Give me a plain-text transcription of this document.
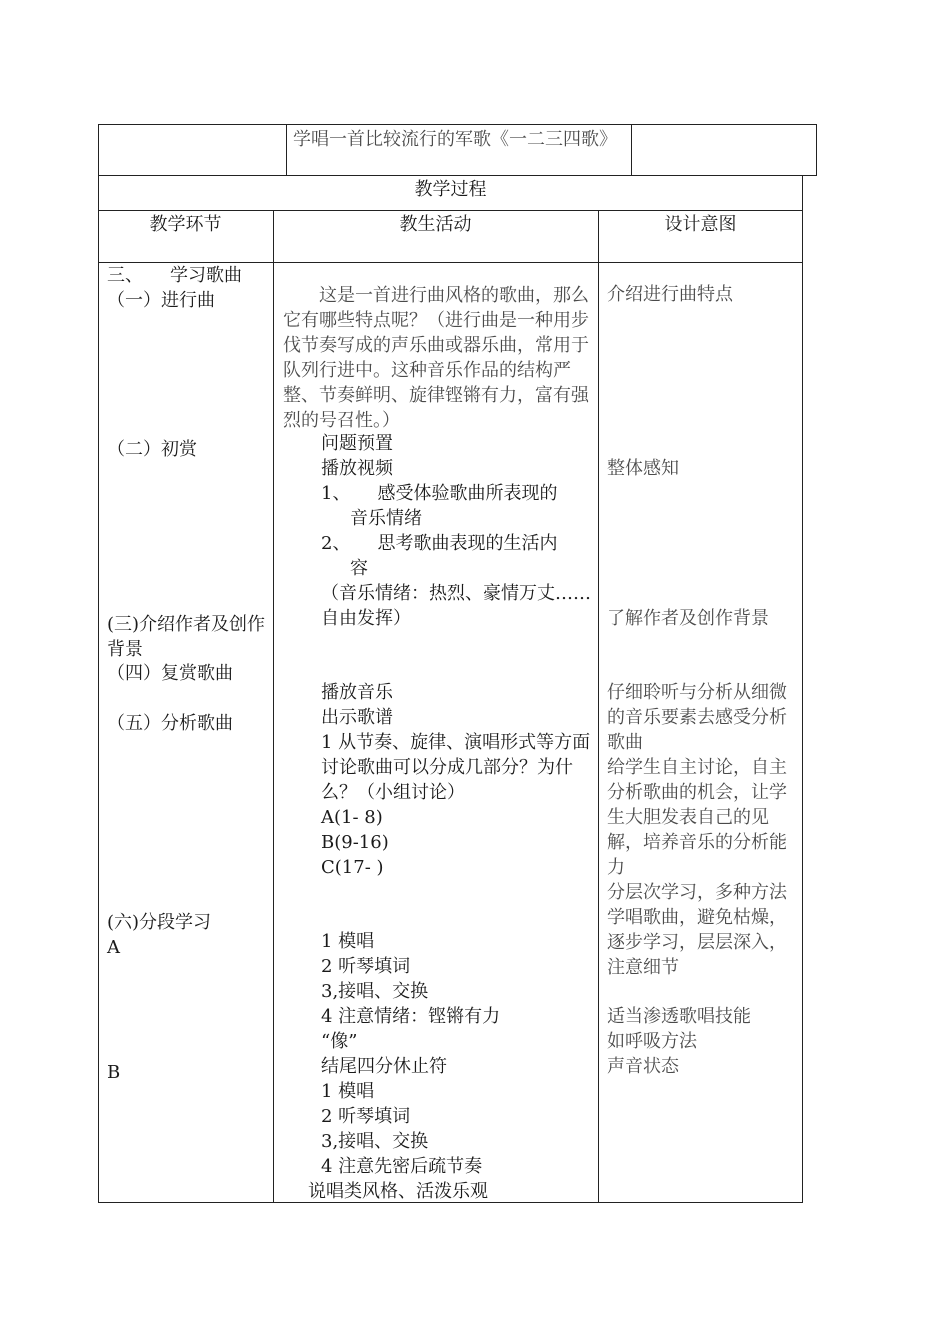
学唱一首比较流行的军歌《一二三四歌》
教学过程
教学环节	教生活动	设计意图
三、　　学习歌曲
（一）进行曲
（二）初赏
(三)介绍作者及创作背景
（四）复赏歌曲
（五）分析歌曲
(六)分段学习
A
B
这是一首进行曲风格的歌曲，那么它有哪些特点呢？（进行曲是一种用步伐节奏写成的声乐曲或器乐曲，常用于队列行进中。这种音乐作品的结构严整、节奏鲜明、旋律铿锵有力，富有强烈的号召性。）
问题预置
播放视频
1、　　感受体验歌曲所表现的
音乐情绪
2、　　思考歌曲表现的生活内
容
（音乐情绪：热烈、豪情万丈……
自由发挥）
播放音乐
出示歌谱
1 从节奏、旋律、演唱形式等方面讨论歌曲可以分成几部分？为什么？（小组讨论）
A(1- 8)
B(9-16)
C(17- )
1 模唱
2 听琴填词
3,接唱、交换
4 注意情绪：铿锵有力
“像”
结尾四分休止符
1 模唱
2 听琴填词
3,接唱、交换
4 注意先密后疏节奏
说唱类风格、活泼乐观
介绍进行曲特点
整体感知
了解作者及创作背景
仔细聆听与分析从细微的音乐要素去感受分析歌曲
给学生自主讨论，自主分析歌曲的机会，让学生大胆发表自己的见解，培养音乐的分析能力
分层次学习，多种方法学唱歌曲，避免枯燥，逐步学习，层层深入，注意细节
适当渗透歌唱技能
如呼吸方法
声音状态
